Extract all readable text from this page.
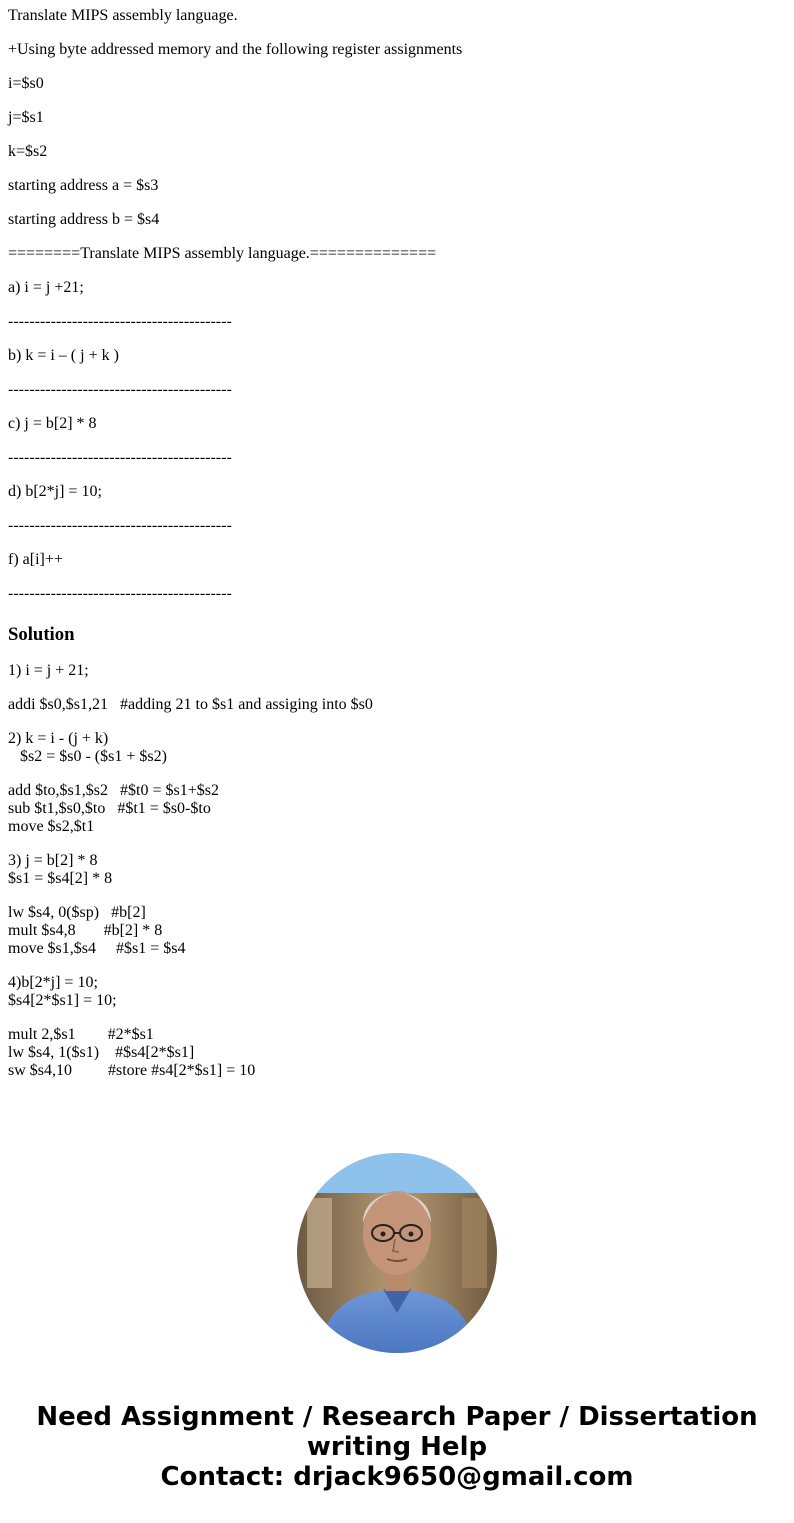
Translate MIPS assembly language.
+Using byte addressed memory and the following register assignments
i=$s0
j=$s1
k=$s2
starting address a = $s3
starting address b = $s4
========Translate MIPS assembly language.==============
a) i = j +21;
------------------------------------------
b) k = i – ( j + k )
------------------------------------------
c) j = b[2] * 8
------------------------------------------
d) b[2*j] = 10;
------------------------------------------
f) a[i]++
------------------------------------------
Solution
1) i = j + 21;
addi $s0,$s1,21   #adding 21 to $s1 and assiging into $s0
2) k = i - (j + k)
$s2 = $s0 - ($s1 + $s2)
add $to,$s1,$s2   #$t0 = $s1+$s2
sub $t1,$s0,$to   #$t1 = $s0-$to
move $s2,$t1
3) j = b[2] * 8
$s1 = $s4[2] * 8
lw $s4, 0($sp)   #b[2]
mult $s4,8       #b[2] * 8
move $s1,$s4     #$s1 = $s4
4)b[2*j] = 10;
$s4[2*$s1] = 10;
mult 2,$s1        #2*$s1
lw $s4, 1($s1)    #$s4[2*$s1]
sw $s4,10         #store #s4[2*$s1] = 10
Need Assignment / Research Paper / Dissertation
writing Help
Contact: drjack9650@gmail.com
